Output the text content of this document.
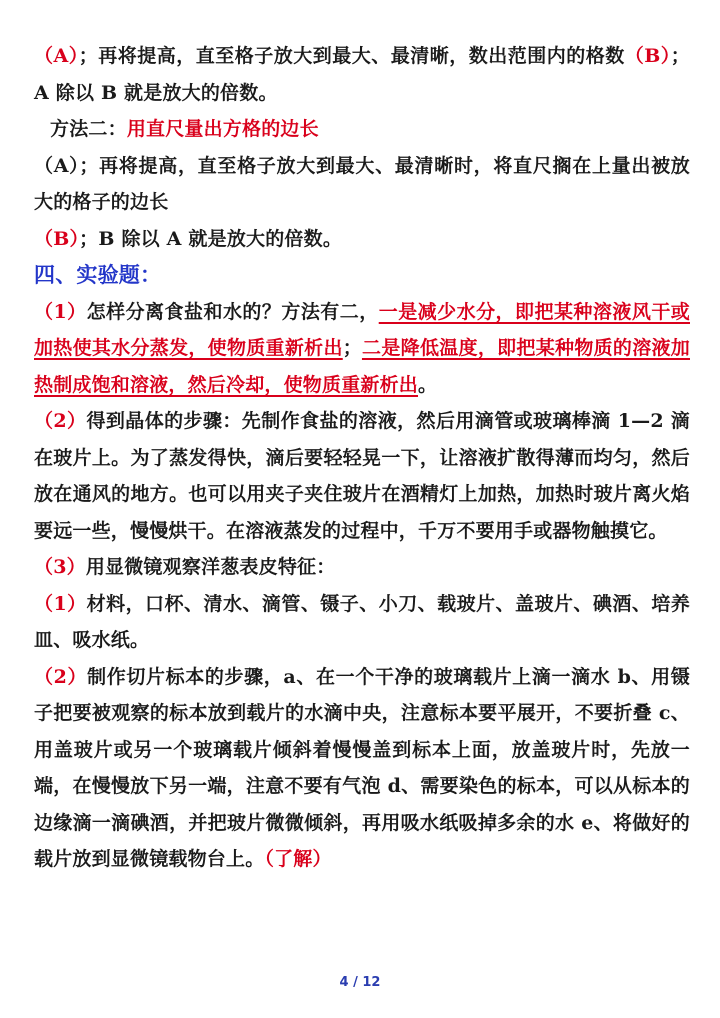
（A）；再将提高，直至格子放大到最大、最清晰，数出范围内的格数（B）；A 除以 B 就是放大的倍数。

方法二：用直尺量出方格的边长

（A）；再将提高，直至格子放大到最大、最清晰时，将直尺搁在上量出被放大的格子的边长

（B）；B 除以 A 就是放大的倍数。

四、实验题：

（1）怎样分离食盐和水的？方法有二，一是减少水分，即把某种溶液风干或加热使其水分蒸发，使物质重新析出；二是降低温度，即把某种物质的溶液加热制成饱和溶液，然后冷却，使物质重新析出。

（2）得到晶体的步骤：先制作食盐的溶液，然后用滴管或玻璃棒滴 1—2 滴在玻片上。为了蒸发得快，滴后要轻轻晃一下，让溶液扩散得薄而均匀，然后放在通风的地方。也可以用夹子夹住玻片在酒精灯上加热，加热时玻片离火焰要远一些，慢慢烘干。在溶液蒸发的过程中，千万不要用手或器物触摸它。

（3）用显微镜观察洋葱表皮特征：

（1）材料，口杯、清水、滴管、镊子、小刀、载玻片、盖玻片、碘酒、培养皿、吸水纸。

（2）制作切片标本的步骤，a、在一个干净的玻璃载片上滴一滴水 b、用镊子把要被观察的标本放到载片的水滴中央，注意标本要平展开，不要折叠 c、用盖玻片或另一个玻璃载片倾斜着慢慢盖到标本上面，放盖玻片时，先放一端，在慢慢放下另一端，注意不要有气泡 d、需要染色的标本，可以从标本的边缘滴一滴碘酒，并把玻片微微倾斜，再用吸水纸吸掉多余的水 e、将做好的载片放到显微镜载物台上。（了解）

4 / 12
